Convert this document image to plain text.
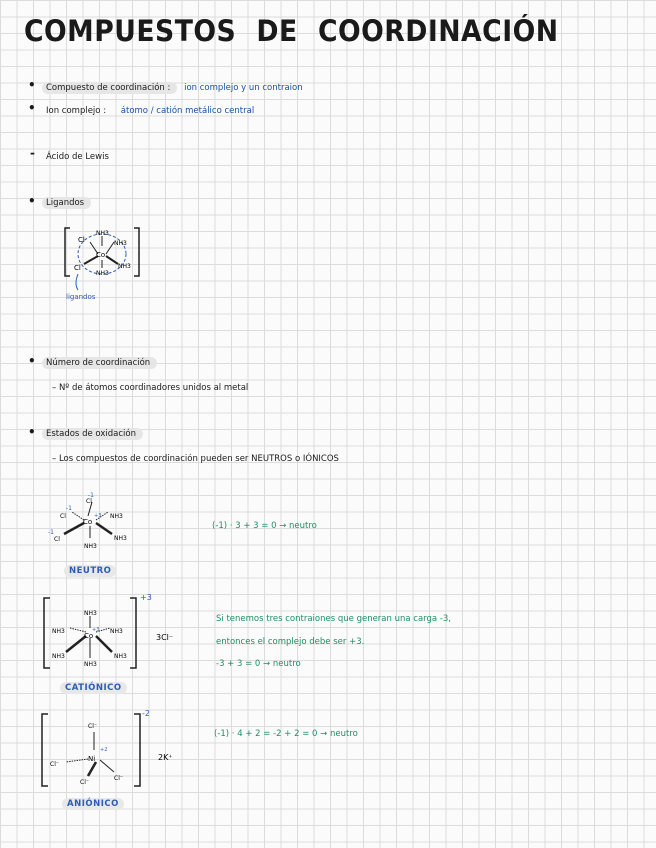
COMPUESTOS DE COORDINACIÓN
•	Compuesto de coordinación : ion complejo y un contraion
• Ion complejo : átomo / catión metálico central
- Ácido de Lewis
•	Ligandos
Cl
NH3
NH3
Cl
Co
NH3
NH3
ligandos
•	Número de coordinación
– Nº de átomos coordinadores unidos al metal
•	Estados de oxidación
– Los compuestos de coordinación pueden ser NEUTROS o IÓNICOS
-1
-1
-1
+3
Cl
Cl
Cl
Co
NH3
NH3
NH3
NEUTRO
(-1) · 3 + 3 = 0 → neutro
+3
+3
NH3
NH3
NH3
Co
NH3
NH3
NH3
3Cl⁻
CATIÓNICO
Si tenemos tres contraiones que generan una carga -3,
entonces el complejo debe ser +3.
-3 + 3 = 0 → neutro
-2
+2
Cl⁻
Cl⁻
Ni
Cl⁻
Cl⁻
2K⁺
ANIÓNICO
(-1) · 4 + 2 = -2 + 2 = 0 → neutro
